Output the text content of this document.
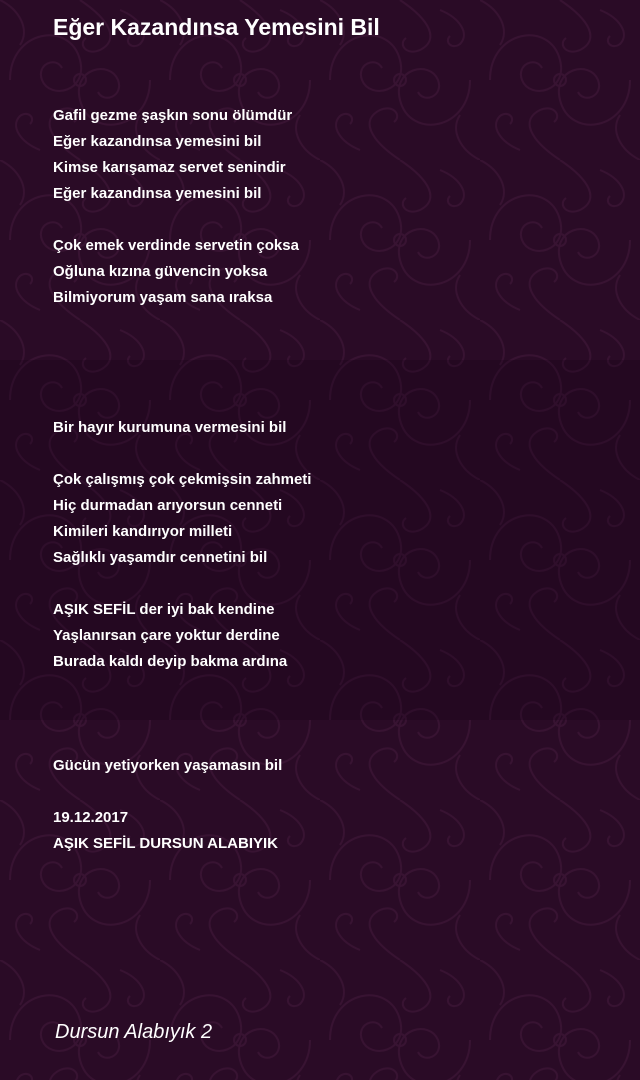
Eğer Kazandınsa Yemesini Bil
Gafil gezme şaşkın sonu ölümdür
Eğer kazandınsa yemesini bil
Kimse karışamaz servet senindir
Eğer kazandınsa yemesini bil
Çok emek verdinde servetin çoksa
Oğluna kızına güvencin yoksa
Bilmiyorum yaşam sana ıraksa
Bir hayır kurumuna vermesini bil
Çok çalışmış çok çekmişsin zahmeti
Hiç durmadan arıyorsun cenneti
Kimileri kandırıyor milleti
Sağlıklı yaşamdır cennetini bil
AŞIK SEFİL der iyi bak kendine
Yaşlanırsan çare yoktur derdine
Burada kaldı deyip bakma ardına
Gücün yetiyorken yaşamasın bil
19.12.2017
AŞIK SEFİL DURSUN ALABIYIK
Dursun Alabıyık 2
